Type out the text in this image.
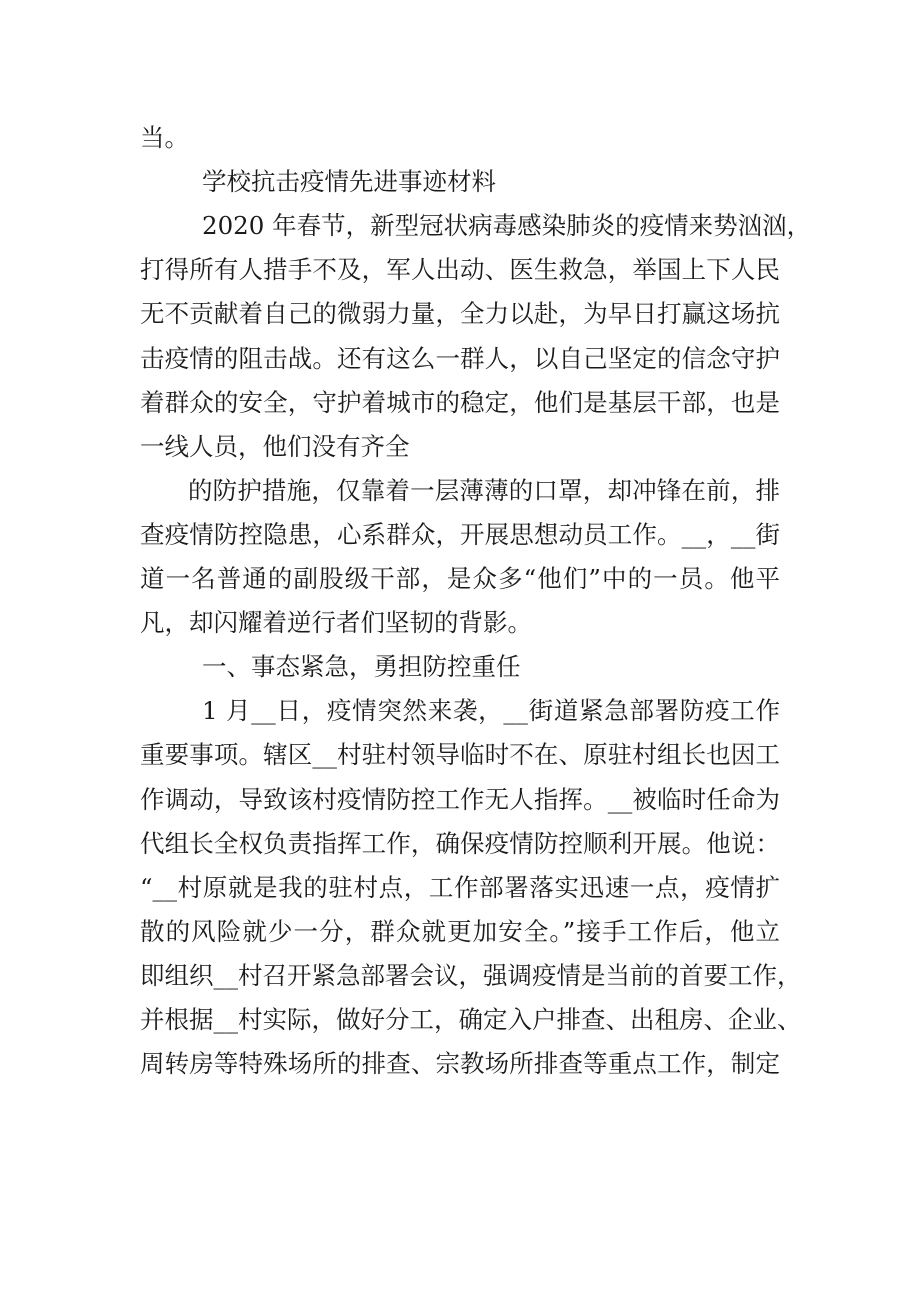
当。
学校抗击疫情先进事迹材料
2020 年春节，新型冠状病毒感染肺炎的疫情来势汹汹，
打得所有人措手不及，军人出动、医生救急，举国上下人民
无不贡献着自己的微弱力量，全力以赴，为早日打赢这场抗
击疫情的阻击战。还有这么一群人，以自己坚定的信念守护
着群众的安全，守护着城市的稳定，他们是基层干部，也是
一线人员，他们没有齐全
的防护措施，仅靠着一层薄薄的口罩，却冲锋在前，排
查疫情防控隐患，心系群众，开展思想动员工作。__，__街
道一名普通的副股级干部，是众多“他们”中的一员。他平
凡，却闪耀着逆行者们坚韧的背影。
一、事态紧急，勇担防控重任
1 月__日，疫情突然来袭，__街道紧急部署防疫工作
重要事项。辖区__村驻村领导临时不在、原驻村组长也因工
作调动，导致该村疫情防控工作无人指挥。__被临时任命为
代组长全权负责指挥工作，确保疫情防控顺利开展。他说：
“__村原就是我的驻村点，工作部署落实迅速一点，疫情扩
散的风险就少一分，群众就更加安全。”接手工作后，他立
即组织__村召开紧急部署会议，强调疫情是当前的首要工作，
并根据__村实际，做好分工，确定入户排查、出租房、企业、
周转房等特殊场所的排查、宗教场所排查等重点工作，制定
